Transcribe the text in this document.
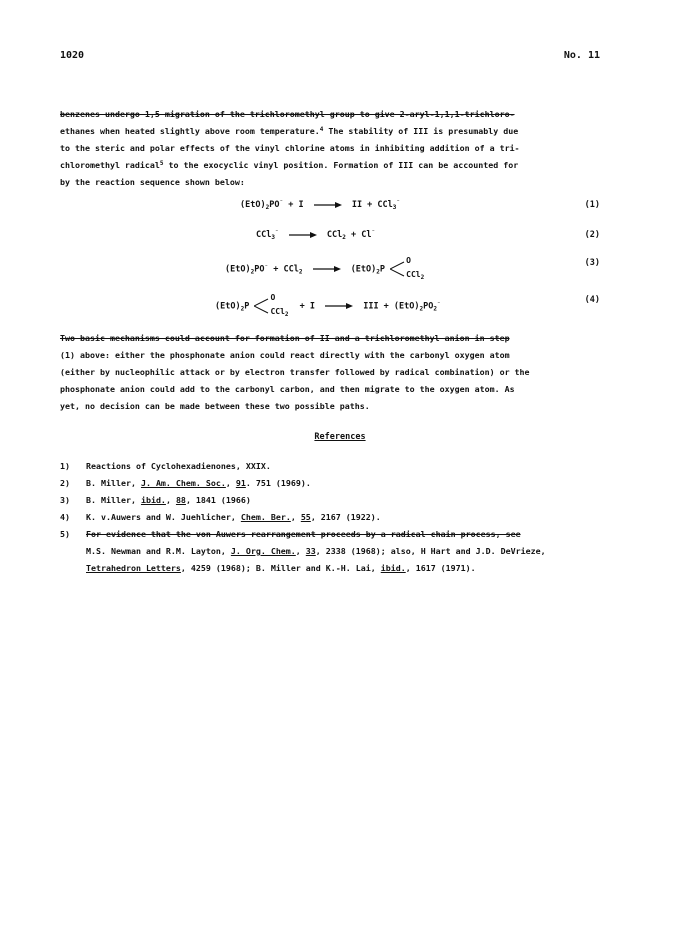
1020	No. 11

benzenes undergo 1,5 migration of the trichloromethyl group to give 2-aryl-1,1,1-trichloro-

ethanes when heated slightly above room temperature.$^4$ The stability of III is presumably due

to the steric and polar effects of the vinyl chlorine atoms in inhibiting addition of a tri-

chloromethyl radical$^5$ to the exocyclic vinyl position. Formation of III can be accounted for

by the reaction sequence shown below:

$(EtO)_2PO^{^-} + I$ → II + CCl$_3$⁻	(1)
CCl$_3$⁻ → CCl$_2$ + Cl⁻	(2)
$(EtO)_2PO^{^-} + CCl_2 \to (EtO)_2P$
O
CCl$_2$
(3)
$(EtO)_2P$
O
CCl$_2$
+ I → III + $(EtO)_2PO_2^{^-}$	(4)

Two basic mechanisms could account for formation of II and a trichloromethyl anion in step

(1) above: either the phosphonate anion could react directly with the carbonyl oxygen atom

(either by nucleophilic attack or by electron transfer followed by radical combination) or the

phosphonate anion could add to the carbonyl carbon, and then migrate to the oxygen atom. As

yet, no decision can be made between these two possible paths.

References
1) Reactions of Cyclohexadienones, XXIX.
2) B. Miller, J. Am. Chem. Soc., 91. 751 (1969).
3) B. Miller, ibid., 88, 1841 (1966)
4) K. v.Auwers and W. Juehlicher, Chem. Ber., 55, 2167 (1922).
5) For evidence that the von Auwers rearrangement proceeds by a radical chain process, see
M.S. Newman and R.M. Layton, J. Org. Chem., 33, 2338 (1968); also, H Hart and J.D. DeVrieze,
Tetrahedron Letters, 4259 (1968); B. Miller and K.-H. Lai, ibid., 1617 (1971).
